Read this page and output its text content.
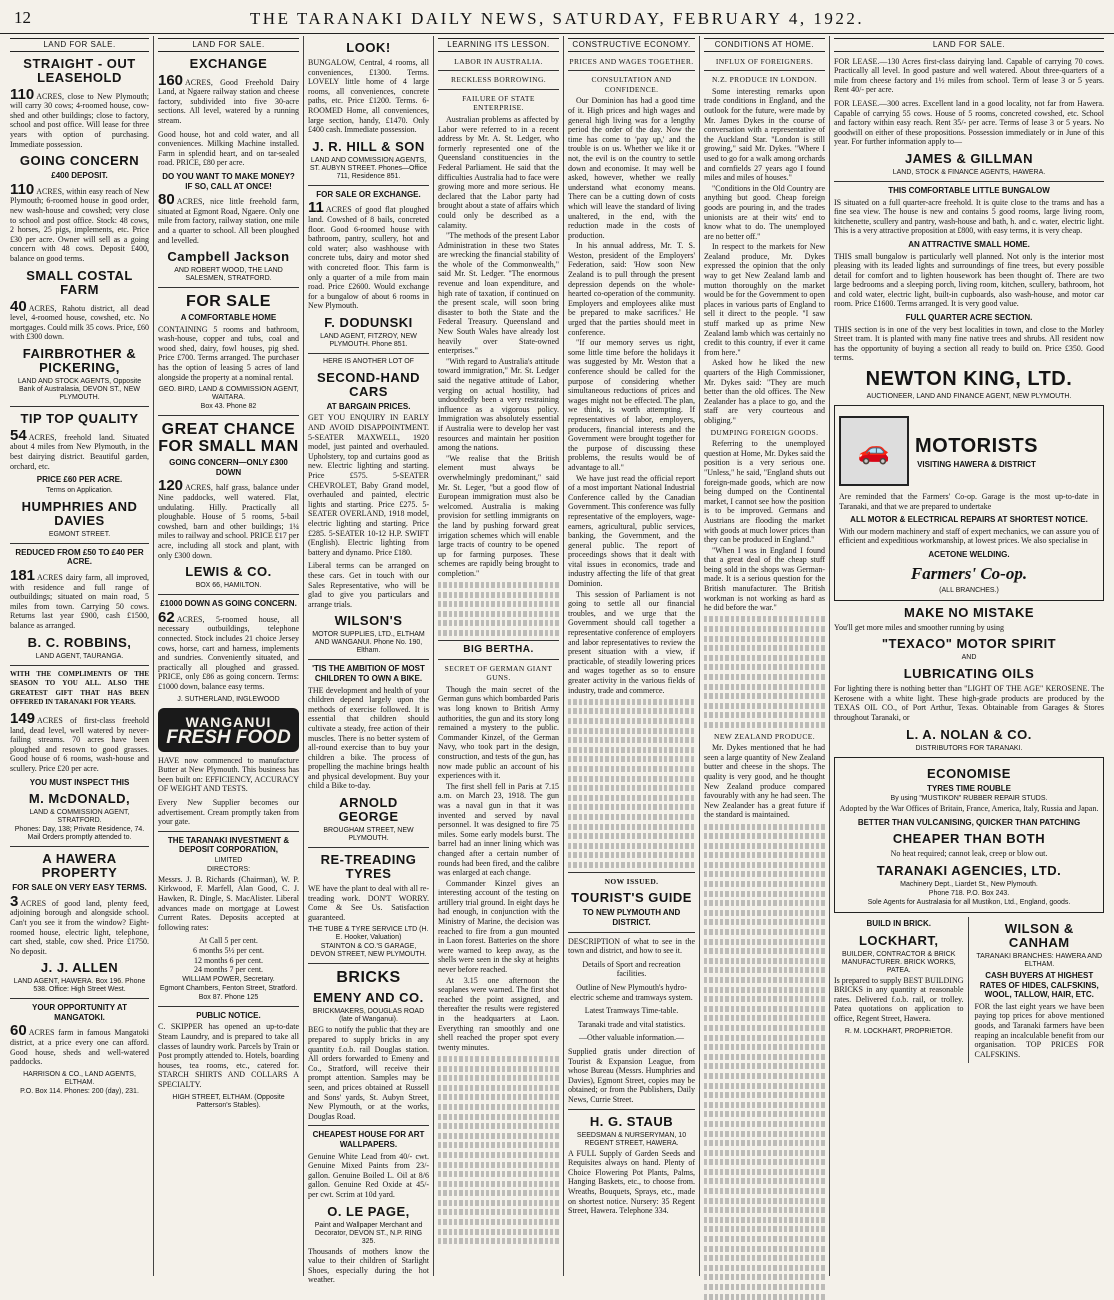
12	THE TARANAKI DAILY NEWS, SATURDAY, FEBRUARY 4, 1922.
LAND FOR SALE.
STRAIGHT - OUT LEASEHOLD
110 ACRES, close to New Plymouth; will carry 30 cows; 4-roomed house, cow-shed and other buildings; close to factory, school and post office. Will lease for three years with option of purchasing. Immediate possession.
GOING CONCERN
£400 DEPOSIT.
110 ACRES, within easy reach of New Plymouth; 6-roomed house in good order, new wash-house and cowshed; very close to school and post office. Stock: 48 cows, 2 horses, 25 pigs, implements, etc. Price £30 per acre. Owner will sell as a going concern with 48 cows. Deposit £400, balance on good terms.
SMALL COSTAL FARM
40 ACRES, Rahotu district, all dead level, 4-roomed house, cowshed, etc. No mortgages. Could milk 35 cows. Price, £60 with £300 down.
FAIRBROTHER & PICKERING,
LAND AND STOCK AGENTS, Opposite Bank of Australasia, DEVON ST., NEW PLYMOUTH.
TIP TOP QUALITY
54 ACRES, freehold land. Situated about 4 miles from New Plymouth, in the best dairying district. Beautiful garden, orchard, etc.
PRICE £60 PER ACRE.
Terms on Application.
HUMPHRIES AND DAVIES
EGMONT STREET.
REDUCED FROM £50 TO £40 PER ACRE.
181 ACRES dairy farm, all improved, with residence and full range of outbuildings; situated on main road, 5 miles from town. Carrying 50 cows. Returns last year £900, cash £1500, balance as arranged.
B. C. ROBBINS,
LAND AGENT, TAURANGA.
WITH THE COMPLIMENTS OF THE SEASON TO YOU ALL. ALSO THE GREATEST GIFT THAT HAS BEEN OFFERED IN TARANAKI FOR YEARS.
149 ACRES of first-class freehold land, dead level, well watered by never-failing streams. 70 acres have been ploughed and resown to good grasses. Good house of 6 rooms, wash-house and scullery. Price £20 per acre.
YOU MUST INSPECT THIS
M. McDONALD,
LAND & COMMISSION AGENT, STRATFORD.
Phones: Day, 138; Private Residence, 74. Mail Orders promptly attended to.
A HAWERA PROPERTY
FOR SALE ON VERY EASY TERMS.
3 ACRES of good land, plenty feed, adjoining borough and alongside school. Can't you see it from the window? Eight-roomed house, electric light, telephone, cart shed, stable, cow shed. Price £1750. No deposit.
J. J. ALLEN
LAND AGENT, HAWERA. Box 196. Phone 538. Office: High Street West.
YOUR OPPORTUNITY AT MANGATOKI.
60 ACRES farm in famous Mangatoki district, at a price every one can afford. Good house, sheds and well-watered paddocks.
HARRISON & CO., LAND AGENTS, ELTHAM.
P.O. Box 114. Phones: 200 (day), 231.
LAND FOR SALE.
EXCHANGE
160 ACRES, Good Freehold Dairy Land, at Ngaere railway station and cheese factory, subdivided into five 30-acre sections. All level, watered by a running stream.
Good house, hot and cold water, and all conveniences. Milking Machine installed. Farm in splendid heart, and on tar-sealed road. PRICE, £80 per acre.
DO YOU WANT TO MAKE MONEY? IF SO, CALL AT ONCE!
80 ACRES, nice little freehold farm, situated at Egmont Road, Ngaere. Only one mile from factory, railway station, one mile and a quarter to school. All been ploughed and levelled.
Campbell Jackson
AND ROBERT WOOD, THE LAND SALESMEN, STRATFORD.
FOR SALE
A COMFORTABLE HOME
CONTAINING 5 rooms and bathroom, wash-house, copper and tubs, coal and wood shed, dairy, fowl houses, pig shed. Price £700. Terms arranged. The purchaser has the option of leasing 5 acres of land alongside the property at a nominal rental.
GEO. BIRD, LAND & COMMISSION AGENT, WAITARA.
Box 43. Phone 82
GREAT CHANCE FOR SMALL MAN
GOING CONCERN—ONLY £300 DOWN
120 ACRES, half grass, balance under Nine paddocks, well watered. Flat, undulating. Hilly. Practically all ploughable. House of 5 rooms, 5-bail cowshed, barn and other buildings; 1¼ miles to railway and school. PRICE £17 per acre, including all stock and plant, with only £300 down.
LEWIS & CO.
BOX 66, HAMILTON.
£1000 DOWN AS GOING CONCERN.
62 ACRES, 5-roomed house, all necessary outbuildings, telephone connected. Stock includes 21 choice Jersey cows, horse, cart and harness, implements and sundries. Conveniently situated, and practically all ploughed and grassed. PRICE, only £86 as going concern. Terms: £1000 down, balance easy terms.
J. SUTHERLAND, INGLEWOOD
WANGANUI
FRESH FOOD
HAVE now commenced to manufacture Butter at New Plymouth. This business has been built on: EFFICIENCY, ACCURACY OF WEIGHT AND TESTS.
Every New Supplier becomes our advertisement. Cream promptly taken from your gate.
THE TARANAKI INVESTMENT & DEPOSIT CORPORATION,
LIMITED
DIRECTORS:
Messrs. J. B. Richards (Chairman), W. P. Kirkwood, F. Marfell, Alan Good, C. J. Hawken, R. Dingle, S. MacAlister. Liberal advances made on mortgage at Lowest Current Rates. Deposits accepted at following rates:
At Call 5 per cent.
6 months 5½ per cent.
12 months 6 per cent.
24 months 7 per cent.
WILLIAM POWER, Secretary.
Egmont Chambers, Fenton Street, Stratford.
Box 87. Phone 125
PUBLIC NOTICE.
C. SKIPPER has opened an up-to-date Steam Laundry, and is prepared to take all classes of laundry work. Parcels by Train or Post promptly attended to. Hotels, boarding houses, tea rooms, etc., catered for. STARCH SHIRTS AND COLLARS A SPECIALTY.
HIGH STREET, ELTHAM. (Opposite Patterson's Stables).
LOOK!
BUNGALOW, Central, 4 rooms, all conveniences, £1300. Terms. LOVELY little home of 4 large rooms, all conveniences, concrete paths, etc. Price £1200. Terms. 6-ROOMED Home, all conveniences, large section, handy, £1470. Only £400 cash. Immediate possession.
J. R. HILL & SON
LAND AND COMMISSION AGENTS, ST. AUBYN STREET. Phones—Office 711, Residence 851.
FOR SALE OR EXCHANGE.
11 ACRES of good flat ploughed land. Cowshed of 8 bails, concreted floor. Good 6-roomed house with bathroom, pantry, scullery, hot and cold water; also washhouse with concrete tubs, dairy and motor shed with concreted floor. This farm is only a quarter of a mile from main road. Price £2600. Would exchange for a bungalow of about 6 rooms in New Plymouth.
F. DODUNSKI
LAND AGENT, FITZROY, NEW PLYMOUTH. Phone 851.
HERE IS ANOTHER LOT OF
SECOND-HAND CARS
AT BARGAIN PRICES.
GET YOU ENQUIRY IN EARLY AND AVOID DISAPPOINTMENT. 5-SEATER MAXWELL, 1920 model, just painted and overhauled. Upholstery, top and curtains good as new. Electric lighting and starting. Price £575. 5-SEATER CHEVROLET, Baby Grand model, overhauled and painted, electric lights and starting. Price £275. 5-SEATER OVERLAND, 1918 model, electric lighting and starting. Price £285. 5-SEATER 10-12 H.P. SWIFT (English). Electric lighting from battery and dynamo. Price £180.
Liberal terms can be arranged on these cars. Get in touch with our Sales Representative, who will be glad to give you particulars and arrange trials.
WILSON'S
MOTOR SUPPLIES, LTD., ELTHAM AND WANGANUI. Phone No. 190, Eltham.
'TIS THE AMBITION OF MOST CHILDREN TO OWN A BIKE.
THE development and health of your children depend largely upon the methods of exercise followed. It is essential that children should cultivate a steady, free action of their muscles. There is no better system of all-round exercise than to buy your children a bike. The process of propelling the machine brings health and physical development. Buy your child a Bike to-day.
ARNOLD GEORGE
BROUGHAM STREET, NEW PLYMOUTH.
RE-TREADING TYRES
WE have the plant to deal with all re-treading work. DON'T WORRY. Come & See Us. Satisfaction guaranteed.
THE TUBE & TYRE SERVICE LTD (H. E. Hooker, Valuation)
STAINTON & CO.'S GARAGE, DEVON STREET, NEW PLYMOUTH.
BRICKS
EMENY AND CO.
BRICKMAKERS, DOUGLAS ROAD (late of Wanganui).
BEG to notify the public that they are prepared to supply bricks in any quantity f.o.b. rail Douglas station. All orders forwarded to Emeny and Co., Stratford, will receive their prompt attention. Samples may be seen, and prices obtained at Russell and Sons' yards, St. Aubyn Street, New Plymouth, or at the works, Douglas Road.
CHEAPEST HOUSE FOR ART WALLPAPERS.
Genuine White Lead from 40/- cwt. Genuine Mixed Paints from 23/- gallon. Genuine Boiled L. Oil at 8/6 gallon. Genuine Red Oxide at 45/- per cwt. Scrim at 10d yard.
O. LE PAGE,
Paint and Wallpaper Merchant and Decorator, DEVON ST., N.P. RING 325.
Thousands of mothers know the value to their children of Starlight Shoes, especially during the hot weather.
LEARNING ITS LESSON.
LABOR IN AUSTRALIA.
RECKLESS BORROWING.
FAILURE OF STATE ENTERPRISE.

Australian problems as affected by Labor were referred to in a recent address by Mr. A. St. Ledger, who formerly represented one of the Queensland constituencies in the Federal Parliament. He said that the difficulties Australia had to face were growing more and more serious. He declared that the Labor party had brought about a state of affairs which could only be described as a calamity.

"The methods of the present Labor Administration in these two States are wrecking the financial stability of the whole of the Commonwealth," said Mr. St. Ledger. "The enormous revenue and loan expenditure, and high rate of taxation, if continued on the present scale, will soon bring disaster to both the State and the Federal Treasury. Queensland and New South Wales have already lost heavily over State-owned enterprises."

"With regard to Australia's attitude toward immigration," Mr. St. Ledger said the negative attitude of Labor, verging on actual hostility, had undoubtedly been a very restraining influence as a vigorous policy. Immigration was absolutely essential if Australia were to develop her vast resources and maintain her position among the nations.

"We realise that the British element must always be overwhelmingly predominant," said Mr. St. Leger, "but a good flow of European immigration must also be welcomed. Australia is making provision for settling immigrants on the land by pushing forward great irrigation schemes which will enable large tracts of country to be opened up for farming purposes. These schemes are rapidly being brought to completion."

BIG BERTHA.
SECRET OF GERMAN GIANT GUNS.

Though the main secret of the German guns which bombarded Paris was long known to British Army authorities, the gun and its story long remained a mystery to the public. Commander Kinzel, of the German Navy, who took part in the design, construction, and tests of the gun, has now made public an account of his experiences with it.

The first shell fell in Paris at 7.15 a.m. on March 23, 1918. The gun was a naval gun in that it was invented and served by naval personnel. It was designed to fire 75 miles. Some early models burst. The barrel had an inner lining which was changed after a certain number of rounds had been fired, and the calibre was enlarged at each change.

Commander Kinzel gives an interesting account of the testing on artillery trial ground. In eight days he had enough, in conjunction with the Ministry of Marine, the decision was reached to fire from a gun mounted in Laon forest. Batteries on the shore were warned to keep away, as the shells were seen in the sky at heights never before reached.

At 3.15 one afternoon the seaplanes were warned. The first shot reached the point assigned, and thereafter the results were registered in the headquarters at Laon. Everything ran smoothly and one shell reached the proper spot every twenty minutes.

CONSTRUCTIVE ECONOMY.
PRICES AND WAGES TOGETHER.
CONSULTATION AND CONFIDENCE.

Our Dominion has had a good time of it. High prices and high wages and general high living was for a lengthy period the order of the day. Now the time has come to 'pay up,' and the trouble is on us. Whether we like it or not, the evil is on the country to settle down and economise. It may well be asked, however, whether we really understand what economy means. There can be a cutting down of costs which will leave the standard of living unaltered, in the end, with the reduction made in the costs of production.

In his annual address, Mr. T. S. Weston, president of the Employers' Federation, said: 'How soon New Zealand is to pull through the present depression depends on the whole-hearted co-operation of the community. Employers and employees alike must be prepared to make sacrifices.' He urged that the parties should meet in conference.

"If our memory serves us right, some little time before the holidays it was suggested by Mr. Weston that a conference should be called for the purpose of considering whether simultaneous reductions of prices and wages might not be effected. The plan, we think, is worth attempting. If representatives of labor, employers, producers, financial interests and the Government were brought together for the purpose of discussing these problems, the results would be of advantage to all."

We have just read the official report of a most important National Industrial Conference called by the Canadian Government. This conference was fully representative of the employers, wage-earners, agricultural, public services, banking, the Government, and the general public. The report of proceedings shows that it dealt with vital issues in economics, trade and industry affecting the life of that great Dominion.

This session of Parliament is not going to settle all our financial troubles, and we urge that the Government should call together a representative conference of employers and labor representatives to review the present situation with a view, if practicable, of steadily lowering prices and wages together as so to ensure greater activity in the various fields of industry, trade and commerce.

NOW ISSUED.
TOURIST'S GUIDE
TO NEW PLYMOUTH AND DISTRICT.
DESCRIPTION of what to see in the town and district, and how to see it.
Details of Sport and recreation facilities.
Outline of New Plymouth's hydro-electric scheme and tramways system.
Latest Tramways Time-table.
Taranaki trade and vital statistics.
—Other valuable information.—
Supplied gratis under direction of Tourist & Expansion League, from whose Bureau (Messrs. Humphries and Davies), Egmont Street, copies may be obtained; or from the Publishers, Daily News, Currie Street.
H. G. STAUB
SEEDSMAN & NURSERYMAN, 10 REGENT STREET, HAWERA.
A FULL Supply of Garden Seeds and Requisites always on hand. Plenty of Choice Flowering Pot Plants, Palms, Hanging Baskets, etc., to choose from. Wreaths, Bouquets, Sprays, etc., made on shortest notice. Nursery: 35 Regent Street, Hawera. Telephone 334.
CONDITIONS AT HOME.
INFLUX OF FOREIGNERS.
N.Z. PRODUCE IN LONDON.

Some interesting remarks upon trade conditions in England, and the outlook for the future, were made by Mr. James Dykes in the course of conversation with a representative of the Auckland Star. "London is still growing," said Mr. Dykes. "Where I used to go for a walk among orchards and cornfields 27 years ago I found miles and miles of houses."

"Conditions in the Old Country are anything but good. Cheap foreign goods are pouring in, and the trades unionists are at their wits' end to know what to do. The unemployed are no better off."

In respect to the markets for New Zealand produce, Mr. Dykes expressed the opinion that the only way to get New Zealand lamb and mutton thoroughly on the market would be for the Government to open places in various parts of England to sell it direct to the people. "I saw stuff marked up as prime New Zealand lamb which was certainly no credit to this country, if ever it came from here."

Asked how he liked the new quarters of the High Commissioner, Mr. Dykes said: "They are much better than the old offices. The New Zealander has a place to go, and the staff are very courteous and obliging."

DUMPING FOREIGN GOODS.

Referring to the unemployed question at Home, Mr. Dykes said the position is a very serious one. "Unless," he said, "England shuts out foreign-made goods, which are now being dumped on the Continental market, I cannot see how the position is to be improved. Germans and Austrians are flooding the market with goods at much lower prices than they can be produced in England."

"When I was in England I found that a great deal of the cheap stuff being sold in the shops was German-made. It is a serious question for the British manufacturer. The British workman is not working as hard as he did before the war."

NEW ZEALAND PRODUCE.

Mr. Dykes mentioned that he had seen a large quantity of New Zealand butter and cheese in the shops. The quality is very good, and he thought New Zealand produce compared favourably with any he had seen. The New Zealander has a great future if the standard is maintained.

LAND FOR SALE.
FOR LEASE.—130 Acres first-class dairying land. Capable of carrying 70 cows. Practically all level. In good pasture and well watered. About three-quarters of a mile from cheese factory and 1½ miles from school. Term of lease 3 or 5 years. Rent 40/- per acre.
FOR LEASE.—300 acres. Excellent land in a good locality, not far from Hawera. Capable of carrying 55 cows. House of 5 rooms, concreted cowshed, etc. School and factory within easy reach. Rent 35/- per acre. Terms of lease 3 or 5 years. No goodwill on either of these propositions. Possession immediately or in June of this year. For further information apply to—
JAMES & GILLMAN
LAND, STOCK & FINANCE AGENTS, HAWERA.
THIS COMFORTABLE LITTLE BUNGALOW
IS situated on a full quarter-acre freehold. It is quite close to the trams and has a fine sea view. The house is new and contains 5 good rooms, large living room, kitchenette, scullery and pantry, wash-house and bath, h. and c. water, electric light. This is a very attractive proposition at £800, with easy terms, it is very cheap.
AN ATTRACTIVE SMALL HOME.
THIS small bungalow is particularly well planned. Not only is the interior most pleasing with its leaded lights and surroundings of fine trees, but every possible detail for comfort and to lighten housework has been thought of. There are two large bedrooms and a sleeping porch, living room, kitchen, scullery, bathroom, hot and cold water, electric light, built-in cupboards, also wash-house, and motor car room. Price £1600. Terms arranged. It is very good value.
FULL QUARTER ACRE SECTION.
THIS section is in one of the very best localities in town, and close to the Morley Street tram. It is planted with many fine native trees and shrubs. All resident now has the opportunity of buying a section all ready to build on. Price £350. Good terms.
NEWTON KING, LTD.
AUCTIONEER, LAND AND FINANCE AGENT, NEW PLYMOUTH.
🚗	MOTORISTS
VISITING HAWERA & DISTRICT
Are reminded that the Farmers' Co-op. Garage is the most up-to-date in Taranaki, and that we are prepared to undertake
ALL MOTOR & ELECTRICAL REPAIRS AT SHORTEST NOTICE.
With our modern machinery and staff of expert mechanics, we can assure you of efficient and expeditious workmanship, at lowest prices. We also specialise in
ACETONE WELDING.
Farmers' Co-op.
(ALL BRANCHES.)
MAKE NO MISTAKE
You'll get more miles and smoother running by using
"TEXACO" MOTOR SPIRIT
AND
LUBRICATING OILS
For lighting there is nothing better than "LIGHT OF THE AGE" KEROSENE. The Kerosene with a white light. These high-grade products are produced by the TEXAS OIL CO., of Port Arthur, Texas. Obtainable from Garages & Stores throughout Taranaki, or
L. A. NOLAN & CO.
DISTRIBUTORS FOR TARANAKI.
ECONOMISE
TYRES TIME ROUBLE
By using "MUSTIKON" RUBBER REPAIR STUDS.
Adopted by the War Offices of Britain, France, America, Italy, Russia and Japan.
BETTER THAN VULCANISING, QUICKER THAN PATCHING
CHEAPER THAN BOTH
No heat required; cannot leak, creep or blow out.
TARANAKI AGENCIES, LTD.
Machinery Dept., Liardet St., New Plymouth.
Phone 718. P.O. Box 243.
Sole Agents for Australasia for all Mustikon, Ltd., England, goods.
BUILD IN BRICK.
LOCKHART,
BUILDER, CONTRACTOR & BRICK MANUFACTURER. BRICK WORKS, PATEA.
Is prepared to supply BEST BUILDING BRICKS in any quantity at reasonable rates. Delivered f.o.b. rail, or trolley. Patea quotations on application to office, Regent Street, Hawera.
R. M. LOCKHART, PROPRIETOR.
WILSON & CANHAM
TARANAKI BRANCHES: HAWERA AND ELTHAM.
CASH BUYERS AT HIGHEST RATES OF HIDES, CALFSKINS, WOOL, TALLOW, HAIR, ETC.
FOR the last eight years we have been paying top prices for above mentioned goods, and Taranaki farmers have been reaping an incalculable benefit from our organisation. TOP PRICES FOR CALFSKINS.
